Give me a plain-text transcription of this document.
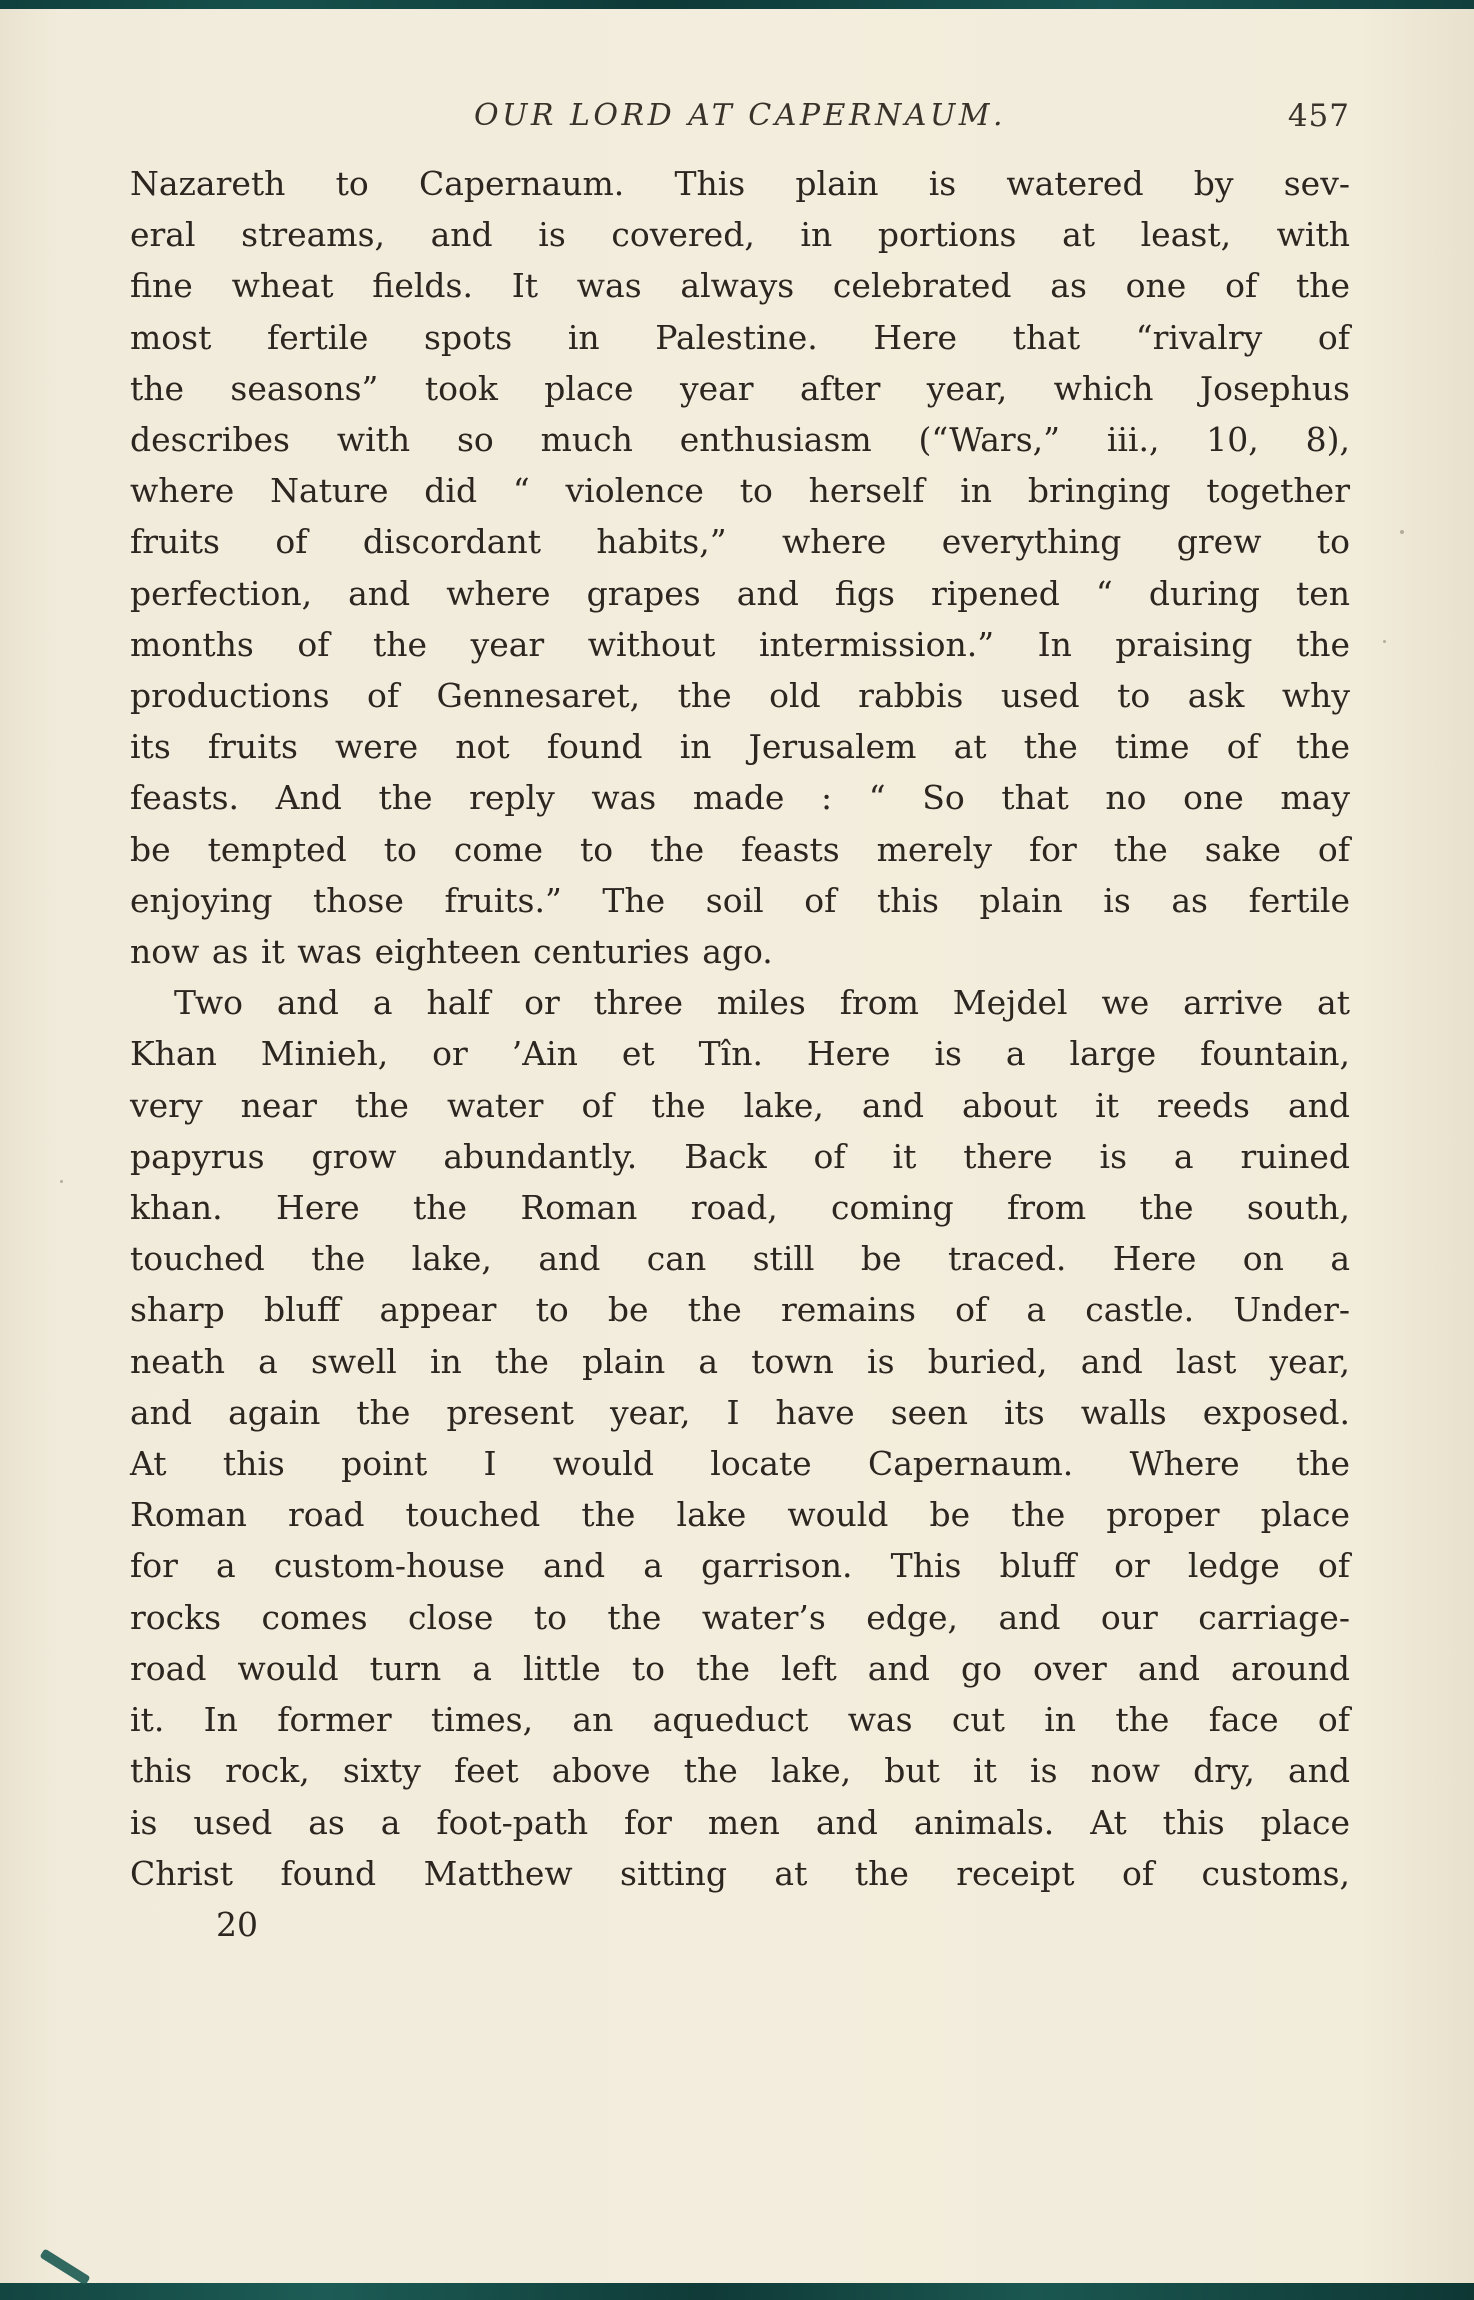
OUR LORD AT CAPERNAUM.	457
Nazareth to Capernaum. This plain is watered by sev-
eral streams, and is covered, in portions at least, with
fine wheat fields. It was always celebrated as one of the
most fertile spots in Palestine. Here that “rivalry of
the seasons” took place year after year, which Josephus
describes with so much enthusiasm (“Wars,” iii., 10, 8),
where Nature did “ violence to herself in bringing together
fruits of discordant habits,” where everything grew to
perfection, and where grapes and figs ripened “ during ten
months of the year without intermission.” In praising the
productions of Gennesaret, the old rabbis used to ask why
its fruits were not found in Jerusalem at the time of the
feasts. And the reply was made : “ So that no one may
be tempted to come to the feasts merely for the sake of
enjoying those fruits.” The soil of this plain is as fertile
now as it was eighteen centuries ago.
Two and a half or three miles from Mejdel we arrive at
Khan Minieh, or ’Ain et Tîn. Here is a large fountain,
very near the water of the lake, and about it reeds and
papyrus grow abundantly. Back of it there is a ruined
khan. Here the Roman road, coming from the south,
touched the lake, and can still be traced. Here on a
sharp bluff appear to be the remains of a castle. Under-
neath a swell in the plain a town is buried, and last year,
and again the present year, I have seen its walls exposed.
At this point I would locate Capernaum. Where the
Roman road touched the lake would be the proper place
for a custom-house and a garrison. This bluff or ledge of
rocks comes close to the water’s edge, and our carriage-
road would turn a little to the left and go over and around
it. In former times, an aqueduct was cut in the face of
this rock, sixty feet above the lake, but it is now dry, and
is used as a foot-path for men and animals. At this place
Christ found Matthew sitting at the receipt of customs,
20
